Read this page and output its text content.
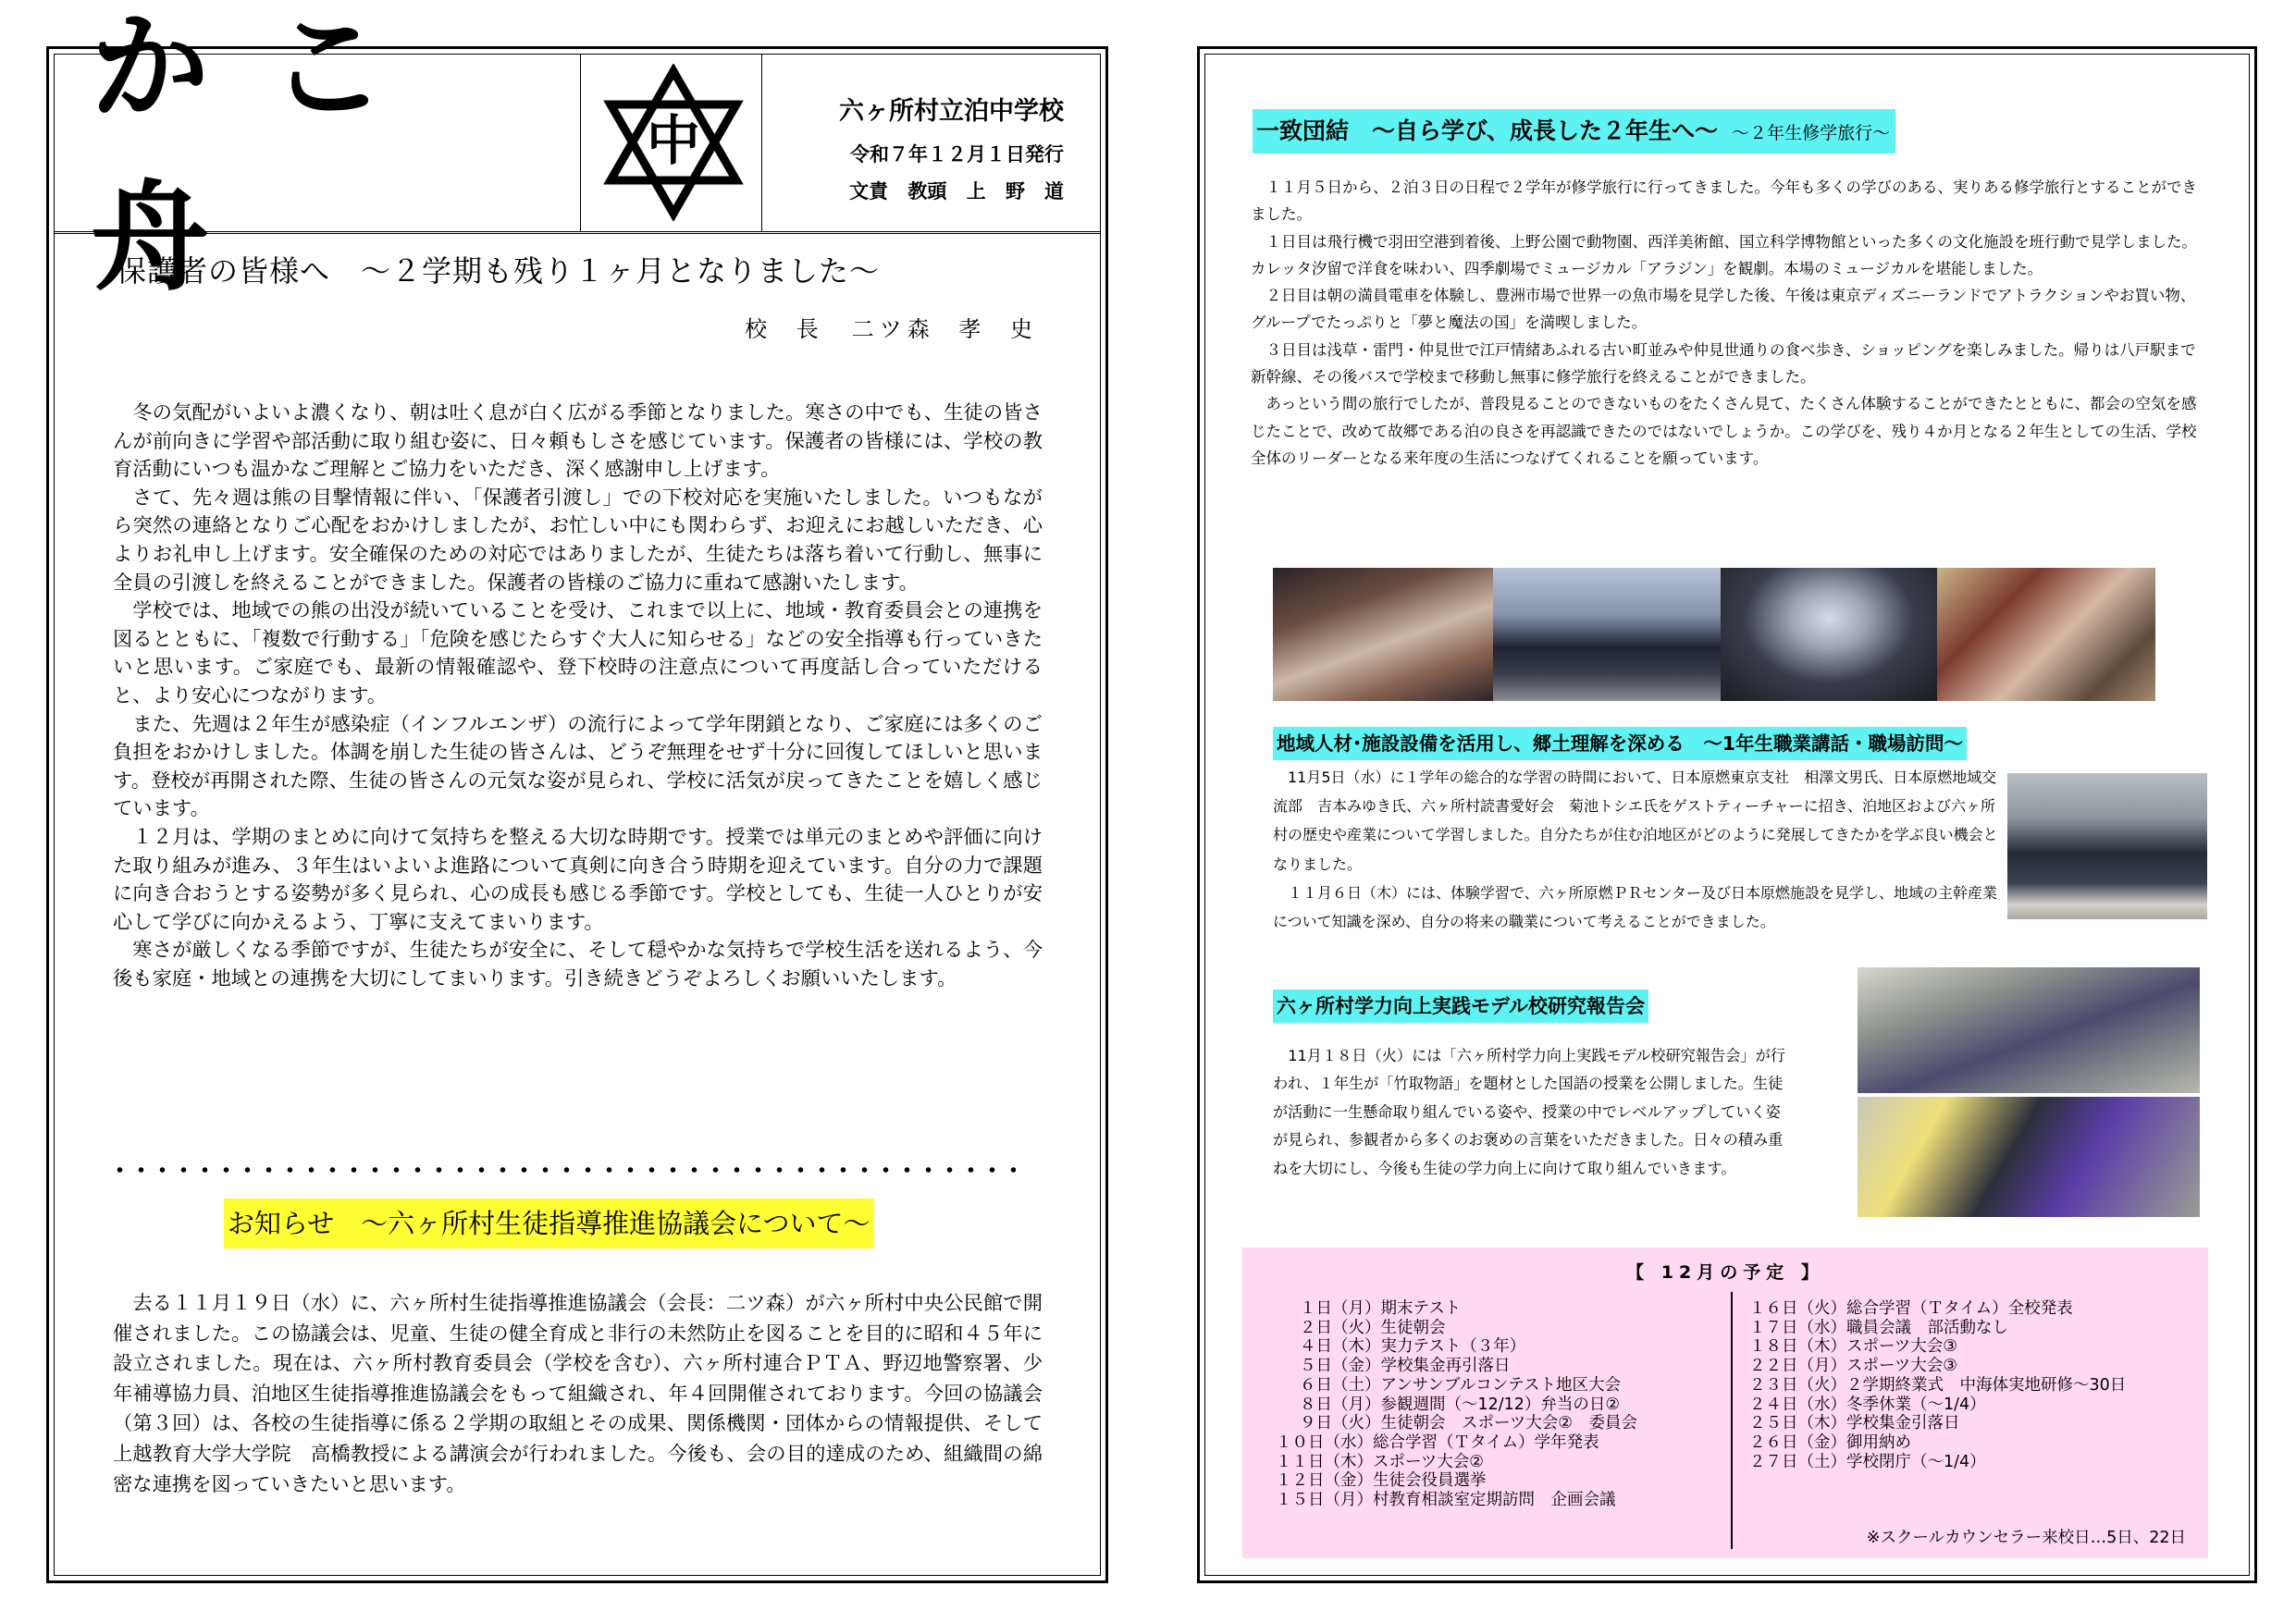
かこ舟
中	六ヶ所村立泊中学校
令和７年１２月１日発行
文責 教頭 上 野　道
保護者の皆様へ　～２学期も残り１ヶ月となりました～
校 長　二ツ森 孝 史

冬の気配がいよいよ濃くなり、朝は吐く息が白く広がる季節となりました。寒さの中でも、生徒の皆さんが前向きに学習や部活動に取り組む姿に、日々頼もしさを感じています。保護者の皆様には、学校の教育活動にいつも温かなご理解とご協力をいただき、深く感謝申し上げます。

さて、先々週は熊の目撃情報に伴い、「保護者引渡し」での下校対応を実施いたしました。いつもながら突然の連絡となりご心配をおかけしましたが、お忙しい中にも関わらず、お迎えにお越しいただき、心よりお礼申し上げます。安全確保のための対応ではありましたが、生徒たちは落ち着いて行動し、無事に全員の引渡しを終えることができました。保護者の皆様のご協力に重ねて感謝いたします。

学校では、地域での熊の出没が続いていることを受け、これまで以上に、地域・教育委員会との連携を図るとともに、「複数で行動する」「危険を感じたらすぐ大人に知らせる」などの安全指導も行っていきたいと思います。ご家庭でも、最新の情報確認や、登下校時の注意点について再度話し合っていただけると、より安心につながります。

また、先週は２年生が感染症（インフルエンザ）の流行によって学年閉鎖となり、ご家庭には多くのご負担をおかけしました。体調を崩した生徒の皆さんは、どうぞ無理をせず十分に回復してほしいと思います。登校が再開された際、生徒の皆さんの元気な姿が見られ、学校に活気が戻ってきたことを嬉しく感じています。

１２月は、学期のまとめに向けて気持ちを整える大切な時期です。授業では単元のまとめや評価に向けた取り組みが進み、３年生はいよいよ進路について真剣に向き合う時期を迎えています。自分の力で課題に向き合おうとする姿勢が多く見られ、心の成長も感じる季節です。学校としても、生徒一人ひとりが安心して学びに向かえるよう、丁寧に支えてまいります。

寒さが厳しくなる季節ですが、生徒たちが安全に、そして穏やかな気持ちで学校生活を送れるよう、今後も家庭・地域との連携を大切にしてまいります。引き続きどうぞよろしくお願いいたします。

お知らせ　～六ヶ所村生徒指導推進協議会について～

去る１１月１９日（水）に、六ヶ所村生徒指導推進協議会（会長：二ツ森）が六ヶ所村中央公民館で開催されました。この協議会は、児童、生徒の健全育成と非行の未然防止を図ることを目的に昭和４５年に設立されました。現在は、六ヶ所村教育委員会（学校を含む）、六ヶ所村連合ＰＴＡ、野辺地警察署、少年補導協力員、泊地区生徒指導推進協議会をもって組織され、年４回開催されております。今回の協議会（第３回）は、各校の生徒指導に係る２学期の取組とその成果、関係機関・団体からの情報提供、そして上越教育大学大学院　高橋教授による講演会が行われました。今後も、会の目的達成のため、組織間の綿密な連携を図っていきたいと思います。

一致団結　～自ら学び、成長した２年生へ～ ～２年生修学旅行～

１１月５日から、２泊３日の日程で２学年が修学旅行に行ってきました。今年も多くの学びのある、実りある修学旅行とすることができました。

１日目は飛行機で羽田空港到着後、上野公園で動物園、西洋美術館、国立科学博物館といった多くの文化施設を班行動で見学しました。カレッタ汐留で洋食を味わい、四季劇場でミュージカル「アラジン」を観劇。本場のミュージカルを堪能しました。

２日目は朝の満員電車を体験し、豊洲市場で世界一の魚市場を見学した後、午後は東京ディズニーランドでアトラクションやお買い物、グループでたっぷりと「夢と魔法の国」を満喫しました。

３日目は浅草・雷門・仲見世で江戸情緒あふれる古い町並みや仲見世通りの食べ歩き、ショッピングを楽しみました。帰りは八戸駅まで新幹線、その後バスで学校まで移動し無事に修学旅行を終えることができました。

あっという間の旅行でしたが、普段見ることのできないものをたくさん見て、たくさん体験することができたとともに、都会の空気を感じたことで、改めて故郷である泊の良さを再認識できたのではないでしょうか。この学びを、残り４か月となる２年生としての生活、学校全体のリーダーとなる来年度の生活につなげてくれることを願っています。

地域人材･施設設備を活用し、郷土理解を深める　～1年生職業講話・職場訪問～

11月5日（水）に１学年の総合的な学習の時間において、日本原燃東京支社　相澤文男氏、日本原燃地域交流部　吉本みゆき氏、六ヶ所村読書愛好会　菊池トシエ氏をゲストティーチャーに招き、泊地区および六ヶ所村の歴史や産業について学習しました。自分たちが住む泊地区がどのように発展してきたかを学ぶ良い機会となりました。

１１月６日（木）には、体験学習で、六ヶ所原燃ＰＲセンター及び日本原燃施設を見学し、地域の主幹産業について知識を深め、自分の将来の職業について考えることができました。

六ヶ所村学力向上実践モデル校研究報告会

11月１８日（火）には「六ヶ所村学力向上実践モデル校研究報告会」が行われ、１年生が「竹取物語」を題材とした国語の授業を公開しました。生徒が活動に一生懸命取り組んでいる姿や、授業の中でレベルアップしていく姿が見られ、参観者から多くのお褒めの言葉をいただきました。日々の積み重ねを大切にし、今後も生徒の学力向上に向けて取り組んでいきます。

【 12月の予定 】
１日（月）期末テスト
２日（火）生徒朝会
４日（木）実力テスト（３年）
５日（金）学校集金再引落日
６日（土）アンサンブルコンテスト地区大会
８日（月）参観週間（～12/12）弁当の日②
９日（火）生徒朝会　スポーツ大会②　委員会
１０日（水）総合学習（Ｔタイム）学年発表
１１日（木）スポーツ大会②
１２日（金）生徒会役員選挙
１５日（月）村教育相談室定期訪問　企画会議
１６日（火）総合学習（Ｔタイム）全校発表
１７日（水）職員会議　部活動なし
１８日（木）スポーツ大会③
２２日（月）スポーツ大会③
２３日（火）２学期終業式　中海体実地研修～30日
２４日（水）冬季休業（～1/4）
２５日（木）学校集金引落日
２６日（金）御用納め
２７日（土）学校閉庁（～1/4）
※スクールカウンセラー来校日…5日、22日
